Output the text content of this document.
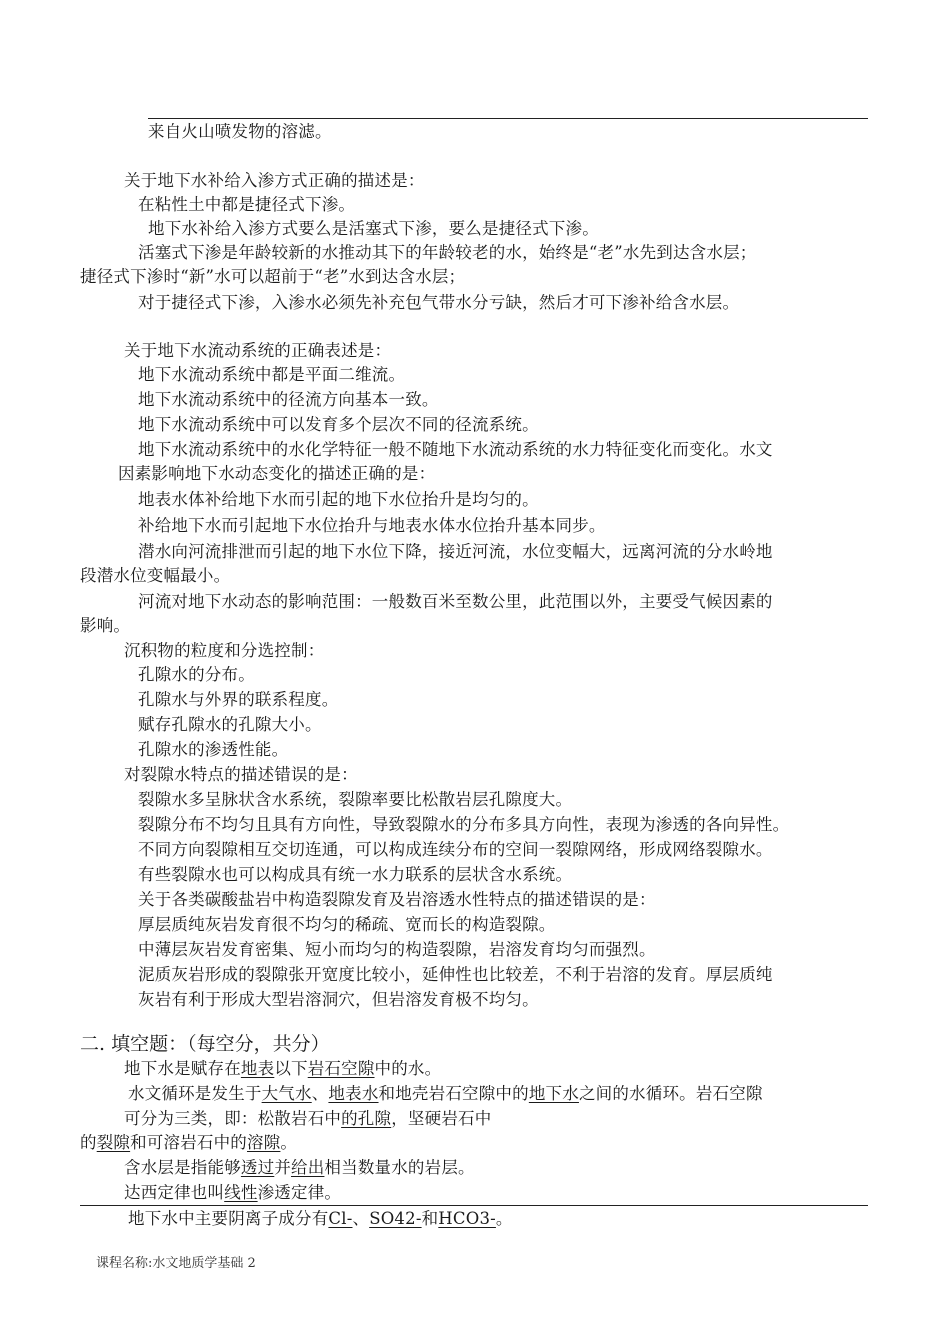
来自火山喷发物的溶滤。
关于地下水补给入渗方式正确的描述是：
在粘性土中都是捷径式下渗。
地下水补给入渗方式要么是活塞式下渗，要么是捷径式下渗。
活塞式下渗是年龄较新的水推动其下的年龄较老的水，始终是“老”水先到达含水层；
捷径式下渗时“新”水可以超前于“老”水到达含水层；
对于捷径式下渗，入渗水必须先补充包气带水分亏缺，然后才可下渗补给含水层。
关于地下水流动系统的正确表述是：
地下水流动系统中都是平面二维流。
地下水流动系统中的径流方向基本一致。
地下水流动系统中可以发育多个层次不同的径流系统。
地下水流动系统中的水化学特征一般不随地下水流动系统的水力特征变化而变化。水文
因素影响地下水动态变化的描述正确的是：
地表水体补给地下水而引起的地下水位抬升是均匀的。
补给地下水而引起地下水位抬升与地表水体水位抬升基本同步。
潜水向河流排泄而引起的地下水位下降，接近河流，水位变幅大，远离河流的分水岭地
段潜水位变幅最小。
河流对地下水动态的影响范围：一般数百米至数公里，此范围以外，主要受气候因素的
影响。
沉积物的粒度和分选控制：
孔隙水的分布。
孔隙水与外界的联系程度。
赋存孔隙水的孔隙大小。
孔隙水的渗透性能。
对裂隙水特点的描述错误的是：
裂隙水多呈脉状含水系统，裂隙率要比松散岩层孔隙度大。
裂隙分布不均匀且具有方向性，导致裂隙水的分布多具方向性，表现为渗透的各向异性。
不同方向裂隙相互交切连通，可以构成连续分布的空间一裂隙网络，形成网络裂隙水。
有些裂隙水也可以构成具有统一水力联系的层状含水系统。
关于各类碳酸盐岩中构造裂隙发育及岩溶透水性特点的描述错误的是：
厚层质纯灰岩发育很不均匀的稀疏、宽而长的构造裂隙。
中薄层灰岩发育密集、短小而均匀的构造裂隙，岩溶发育均匀而强烈。
泥质灰岩形成的裂隙张开宽度比较小，延伸性也比较差，不利于岩溶的发育。厚层质纯
灰岩有利于形成大型岩溶洞穴，但岩溶发育极不均匀。
二. 填空题：（每空分，共分）
地下水是赋存在地表以下岩石空隙中的水。
水文循环是发生于大气水、地表水和地壳岩石空隙中的地下水之间的水循环。岩石空隙
可分为三类，即：松散岩石中的孔隙，坚硬岩石中
的裂隙和可溶岩石中的溶隙。
含水层是指能够透过并给出相当数量水的岩层。
达西定律也叫线性渗透定律。
地下水中主要阴离子成分有Cl-、SO42-和HCO3-。
课程名称:水文地质学基础 2
